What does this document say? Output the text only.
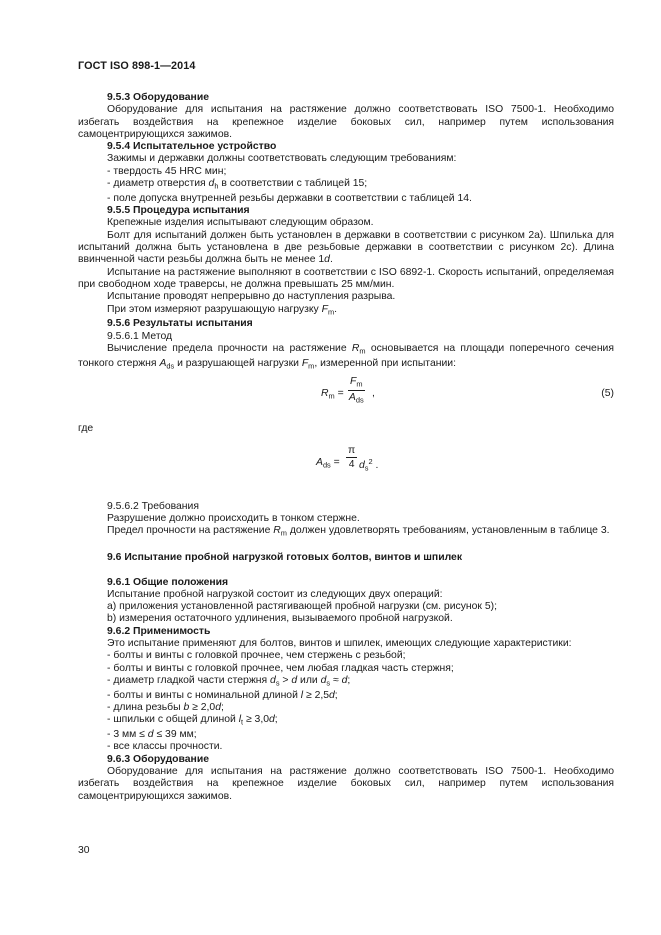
ГОСТ ISO 898-1—2014

9.5.3 Оборудование

Оборудование для испытания на растяжение должно соответствовать ISO 7500-1. Необходимо избегать воздействия на крепежное изделие боковых сил, например путем использования самоцентрирующихся зажимов.

9.5.4 Испытательное устройство

Зажимы и державки должны соответствовать следующим требованиям:

- твердость 45 HRC мин;

- диаметр отверстия $d_h$ в соответствии с таблицей 15;

- поле допуска внутренней резьбы державки в соответствии с таблицей 14.

9.5.5 Процедура испытания

Крепежные изделия испытывают следующим образом.

Болт для испытаний должен быть установлен в державки в соответствии с рисунком 2а). Шпилька для испытаний должна быть установлена в две резьбовые державки в соответствии с рисунком 2с). Длина ввинченной части резьбы должна быть не менее 1d.

Испытание на растяжение выполняют в соответствии с ISO 6892-1. Скорость испытаний, определяемая при свободном ходе траверсы, не должна превышать 25 мм/мин.

Испытание проводят непрерывно до наступления разрыва.

При этом измеряют разрушающую нагрузку $F_m$.

9.5.6 Результаты испытания

9.5.6.1 Метод

Вычисление предела прочности на растяжение $R_m$ основывается на площади поперечного сечения тонкого стержня $A_{ds}$ и разрушающей нагрузки $F_m$, измеренной при испытании:

$R_m$ =
$F_m$
$A_{ds}$
,	(5)

где

$A_{ds} = \frac{\pi}{4} d_s^2$ .

9.5.6.2 Требования

Разрушение должно происходить в тонком стержне.

Предел прочности на растяжение $R_m$ должен удовлетворять требованиям, установленным в таблице 3.

9.6 Испытание пробной нагрузкой готовых болтов, винтов и шпилек

9.6.1 Общие положения

Испытание пробной нагрузкой состоит из следующих двух операций:

а) приложения установленной растягивающей пробной нагрузки (см. рисунок 5);

b) измерения остаточного удлинения, вызываемого пробной нагрузкой.

9.6.2 Применимость

Это испытание применяют для болтов, винтов и шпилек, имеющих следующие характеристики:

- болты и винты с головкой прочнее, чем стержень с резьбой;

- болты и винты с головкой прочнее, чем любая гладкая часть стержня;

- диаметр гладкой части стержня $d_s > d$ или $d_s \approx d$;

- болты и винты с номинальной длиной l ≥ 2,5d;

- длина резьбы b ≥ 2,0d;

- шпильки с общей длиной $l_t \ge 3,0d$;

- 3 мм ≤ d ≤ 39 мм;

- все классы прочности.

9.6.3 Оборудование

Оборудование для испытания на растяжение должно соответствовать ISO 7500-1. Необходимо избегать воздействия на крепежное изделие боковых сил, например путем использования самоцентрирующихся зажимов.

30
